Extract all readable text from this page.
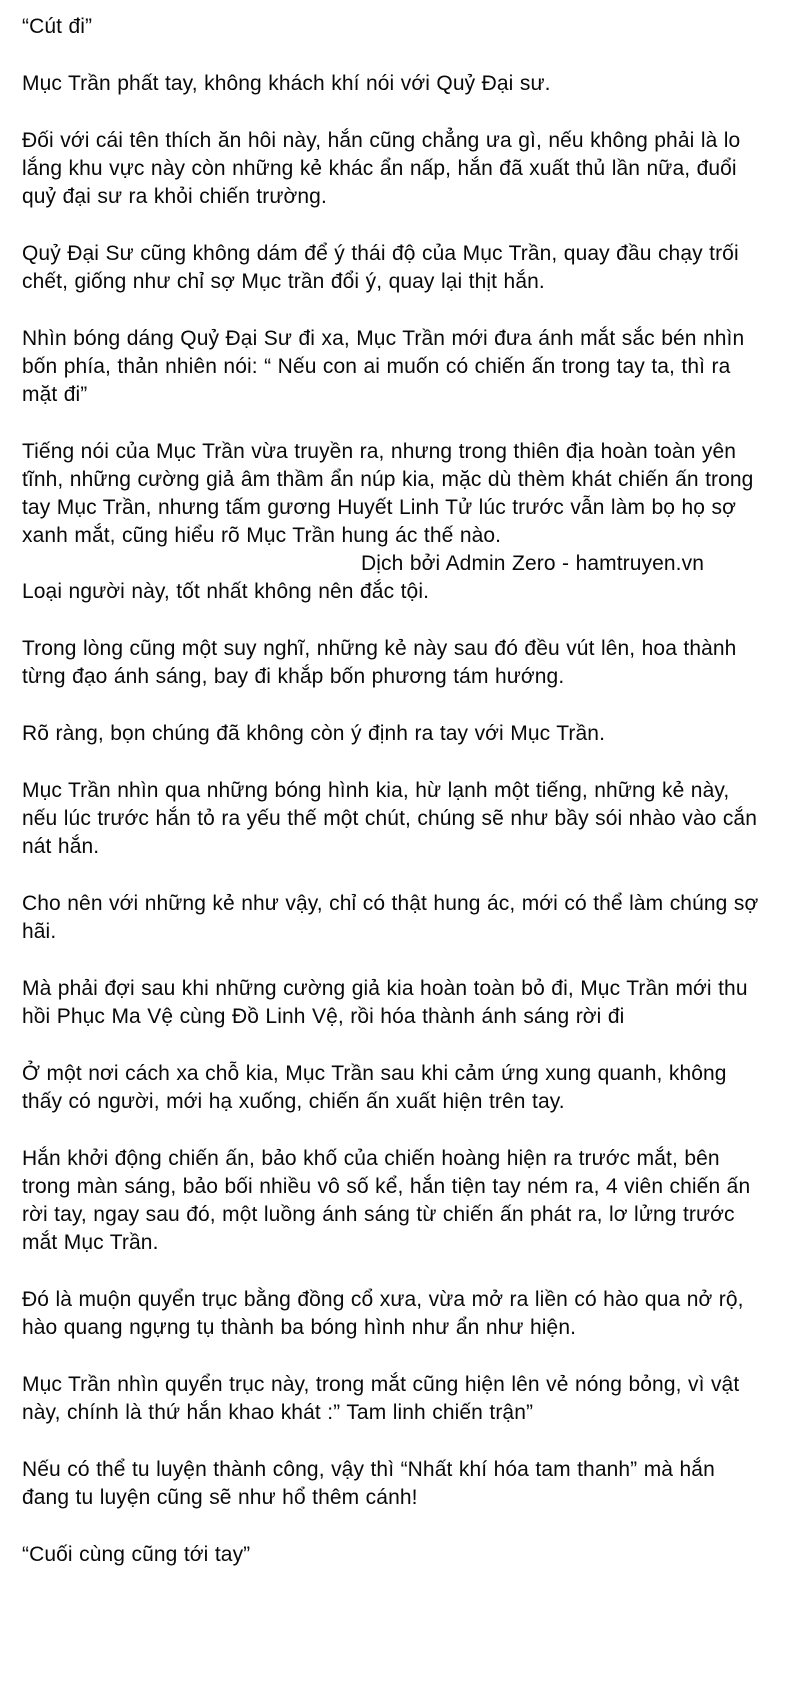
“Cút đi”

Mục Trần phất tay, không khách khí nói với Quỷ Đại sư.

Đối với cái tên thích ăn hôi này, hắn cũng chẳng ưa gì, nếu không phải là lo lắng khu vực này còn những kẻ khác ẩn nấp, hắn đã xuất thủ lần nữa, đuổi quỷ đại sư ra khỏi chiến trường.

Quỷ Đại Sư cũng không dám để ý thái độ của Mục Trần, quay đầu chạy trối chết, giống như chỉ sợ Mục trần đổi ý, quay lại thịt hắn.

Nhìn bóng dáng Quỷ Đại Sư đi xa, Mục Trần mới đưa ánh mắt sắc bén nhìn bốn phía, thản nhiên nói: “ Nếu con ai muốn có chiến ấn trong tay ta, thì ra mặt đi”

Tiếng nói của Mục Trần vừa truyền ra, nhưng trong thiên địa hoàn toàn yên tĩnh, những cường giả âm thầm ẩn núp kia, mặc dù thèm khát chiến ấn trong tay Mục Trần, nhưng tấm gương Huyết Linh Tử lúc trước vẫn làm bọ họ sợ xanh mắt, cũng hiểu rõ Mục Trần hung ác thế nào.

Dịch bởi Admin Zero - hamtruyen.vn

Loại người này, tốt nhất không nên đắc tội.

Trong lòng cũng một suy nghĩ, những kẻ này sau đó đều vút lên, hoa thành từng đạo ánh sáng, bay đi khắp bốn phương tám hướng.

Rõ ràng, bọn chúng đã không còn ý định ra tay với Mục Trần.

Mục Trần nhìn qua những bóng hình kia, hừ lạnh một tiếng, những kẻ này, nếu lúc trước hắn tỏ ra yếu thế một chút, chúng sẽ như bầy sói nhào vào cắn nát hắn.

Cho nên với những kẻ như vậy, chỉ có thật hung ác, mới có thể làm chúng sợ hãi.

Mà phải đợi sau khi những cường giả kia hoàn toàn bỏ đi, Mục Trần mới thu hồi Phục Ma Vệ cùng Đồ Linh Vệ, rồi hóa thành ánh sáng rời đi

Ở một nơi cách xa chỗ kia, Mục Trần sau khi cảm ứng xung quanh, không thấy có người, mới hạ xuống, chiến ấn xuất hiện trên tay.

Hắn khởi động chiến ấn, bảo khố của chiến hoàng hiện ra trước mắt, bên trong màn sáng, bảo bối nhiều vô số kể, hắn tiện tay ném ra, 4 viên chiến ấn rời tay, ngay sau đó, một luồng ánh sáng từ chiến ấn phát ra, lơ lửng trước mắt Mục Trần.

Đó là muộn quyển trục bằng đồng cổ xưa, vừa mở ra liền có hào qua nở rộ, hào quang ngựng tụ thành ba bóng hình như ẩn như hiện.

Mục Trần nhìn quyển trục này, trong mắt cũng hiện lên vẻ nóng bỏng, vì vật này, chính là thứ hắn khao khát :” Tam linh chiến trận”

Nếu có thể tu luyện thành công, vậy thì “Nhất khí hóa tam thanh” mà hắn đang tu luyện cũng sẽ như hổ thêm cánh!

“Cuối cùng cũng tới tay”
